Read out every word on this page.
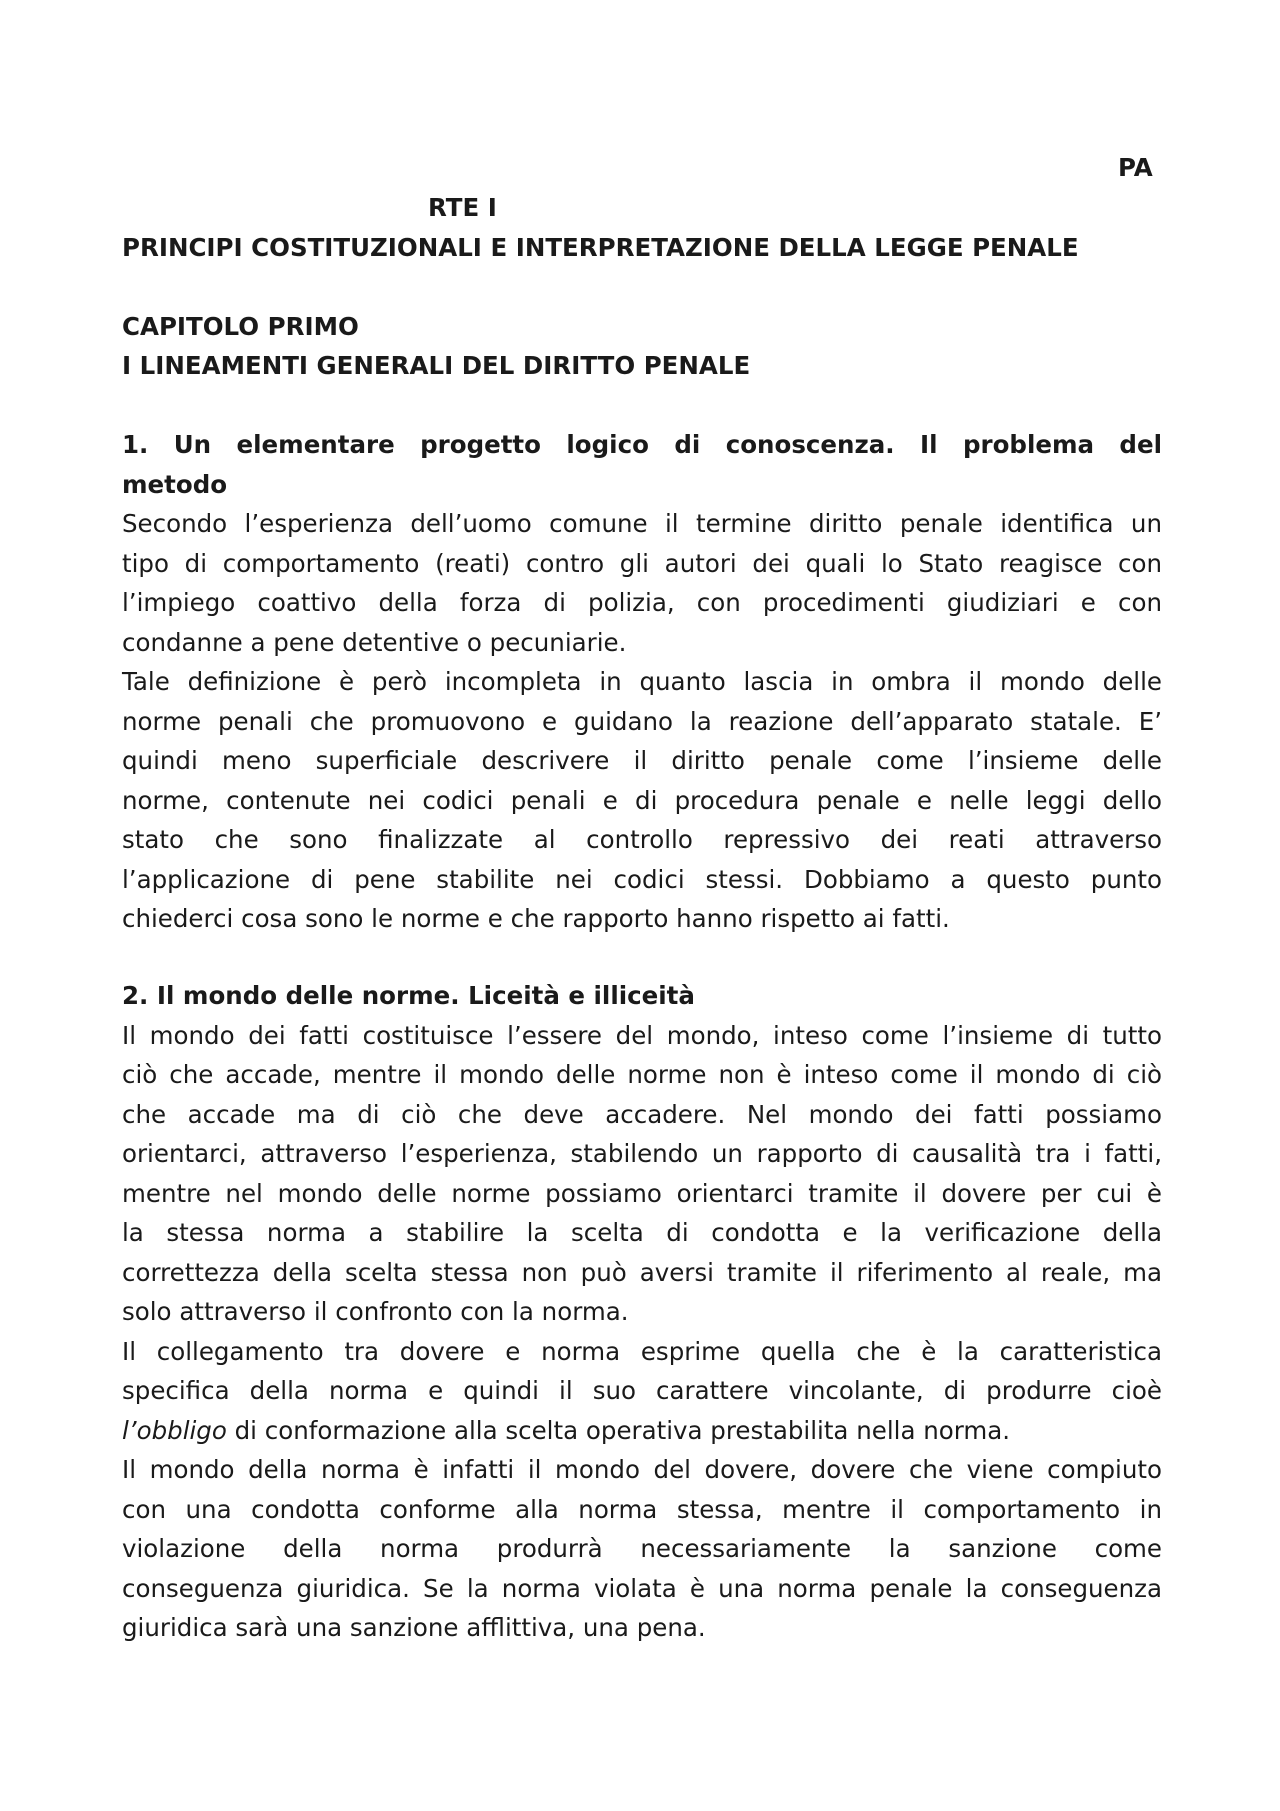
PA

RTE I

PRINCIPI COSTITUZIONALI E INTERPRETAZIONE DELLA LEGGE PENALE

CAPITOLO PRIMO

I LINEAMENTI GENERALI DEL DIRITTO PENALE

1. Un elementare progetto logico di conoscenza. Il problema del
metodo
Secondo l’esperienza dell’uomo comune il termine diritto penale identifica un
tipo di comportamento (reati) contro gli autori dei quali lo Stato reagisce con
l’impiego coattivo della forza di polizia, con procedimenti giudiziari e con
condanne a pene detentive o pecuniarie.
Tale definizione è però incompleta in quanto lascia in ombra il mondo delle
norme penali che promuovono e guidano la reazione dell’apparato statale. E’
quindi meno superficiale descrivere il diritto penale come l’insieme delle
norme, contenute nei codici penali e di procedura penale e nelle leggi dello
stato che sono finalizzate al controllo repressivo dei reati attraverso
l’applicazione di pene stabilite nei codici stessi. Dobbiamo a questo punto
chiederci cosa sono le norme e che rapporto hanno rispetto ai fatti.
2. Il mondo delle norme. Liceità e illiceità
Il mondo dei fatti costituisce l’essere del mondo, inteso come l’insieme di tutto
ciò che accade, mentre il mondo delle norme non è inteso come il mondo di ciò
che accade ma di ciò che deve accadere. Nel mondo dei fatti possiamo
orientarci, attraverso l’esperienza, stabilendo un rapporto di causalità tra i fatti,
mentre nel mondo delle norme possiamo orientarci tramite il dovere per cui è
la stessa norma a stabilire la scelta di condotta e la verificazione della
correttezza della scelta stessa non può aversi tramite il riferimento al reale, ma
solo attraverso il confronto con la norma.
Il collegamento tra dovere e norma esprime quella che è la caratteristica
specifica della norma e quindi il suo carattere vincolante, di produrre cioè
l’obbligo di conformazione alla scelta operativa prestabilita nella norma.
Il mondo della norma è infatti il mondo del dovere, dovere che viene compiuto
con una condotta conforme alla norma stessa, mentre il comportamento in
violazione della norma produrrà necessariamente la sanzione come
conseguenza giuridica. Se la norma violata è una norma penale la conseguenza
giuridica sarà una sanzione afflittiva, una pena.
